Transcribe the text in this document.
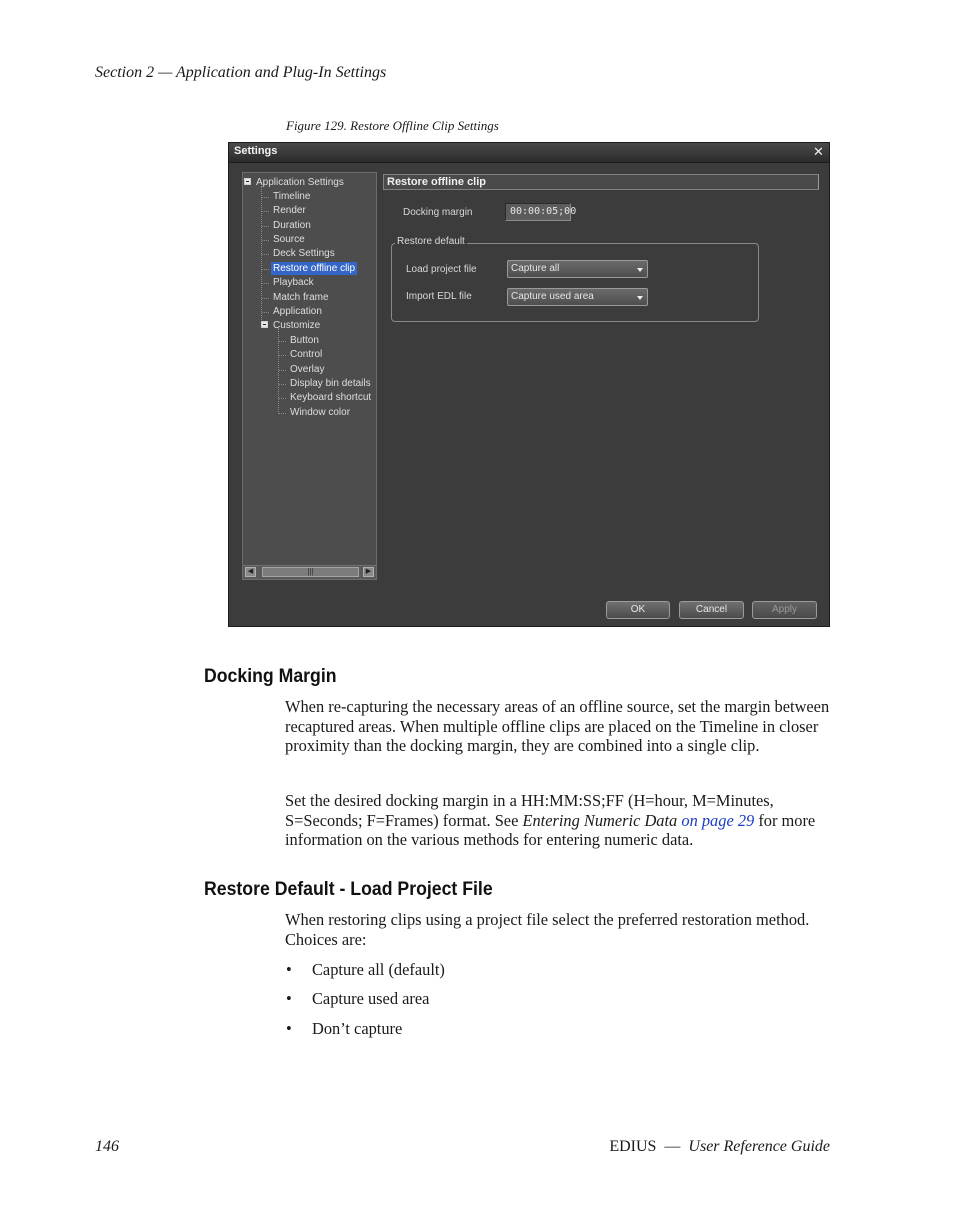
Section 2 — Application and Plug-In Settings
Figure 129. Restore Offline Clip Settings
Settings	✕
Application Settings
Timeline
Render
Duration
Source
Deck Settings
Restore offline clip
Playback
Match frame
Application
Customize
Button
Control
Overlay
Display bin details
Keyboard shortcut
Window color
◀	|||	▶
Restore offline clip
Docking margin	00:00:05;00
Restore default
Load project file	Capture all
Import EDL file	Capture used area
OK	Cancel	Apply
Docking Margin
When re-capturing the necessary areas of an offline source, set the margin between recaptured areas. When multiple offline clips are placed on the Timeline in closer proximity than the docking margin, they are combined into a single clip.
Set the desired docking margin in a HH:MM:SS;FF (H=hour, M=Minutes, S=Seconds; F=Frames) format. See Entering Numeric Data on page 29 for more information on the various methods for entering numeric data.
Restore Default - Load Project File
When restoring clips using a project file select the preferred restoration method. Choices are:
• Capture all (default)
• Capture used area
• Don’t capture
146	EDIUS  —  User Reference Guide
